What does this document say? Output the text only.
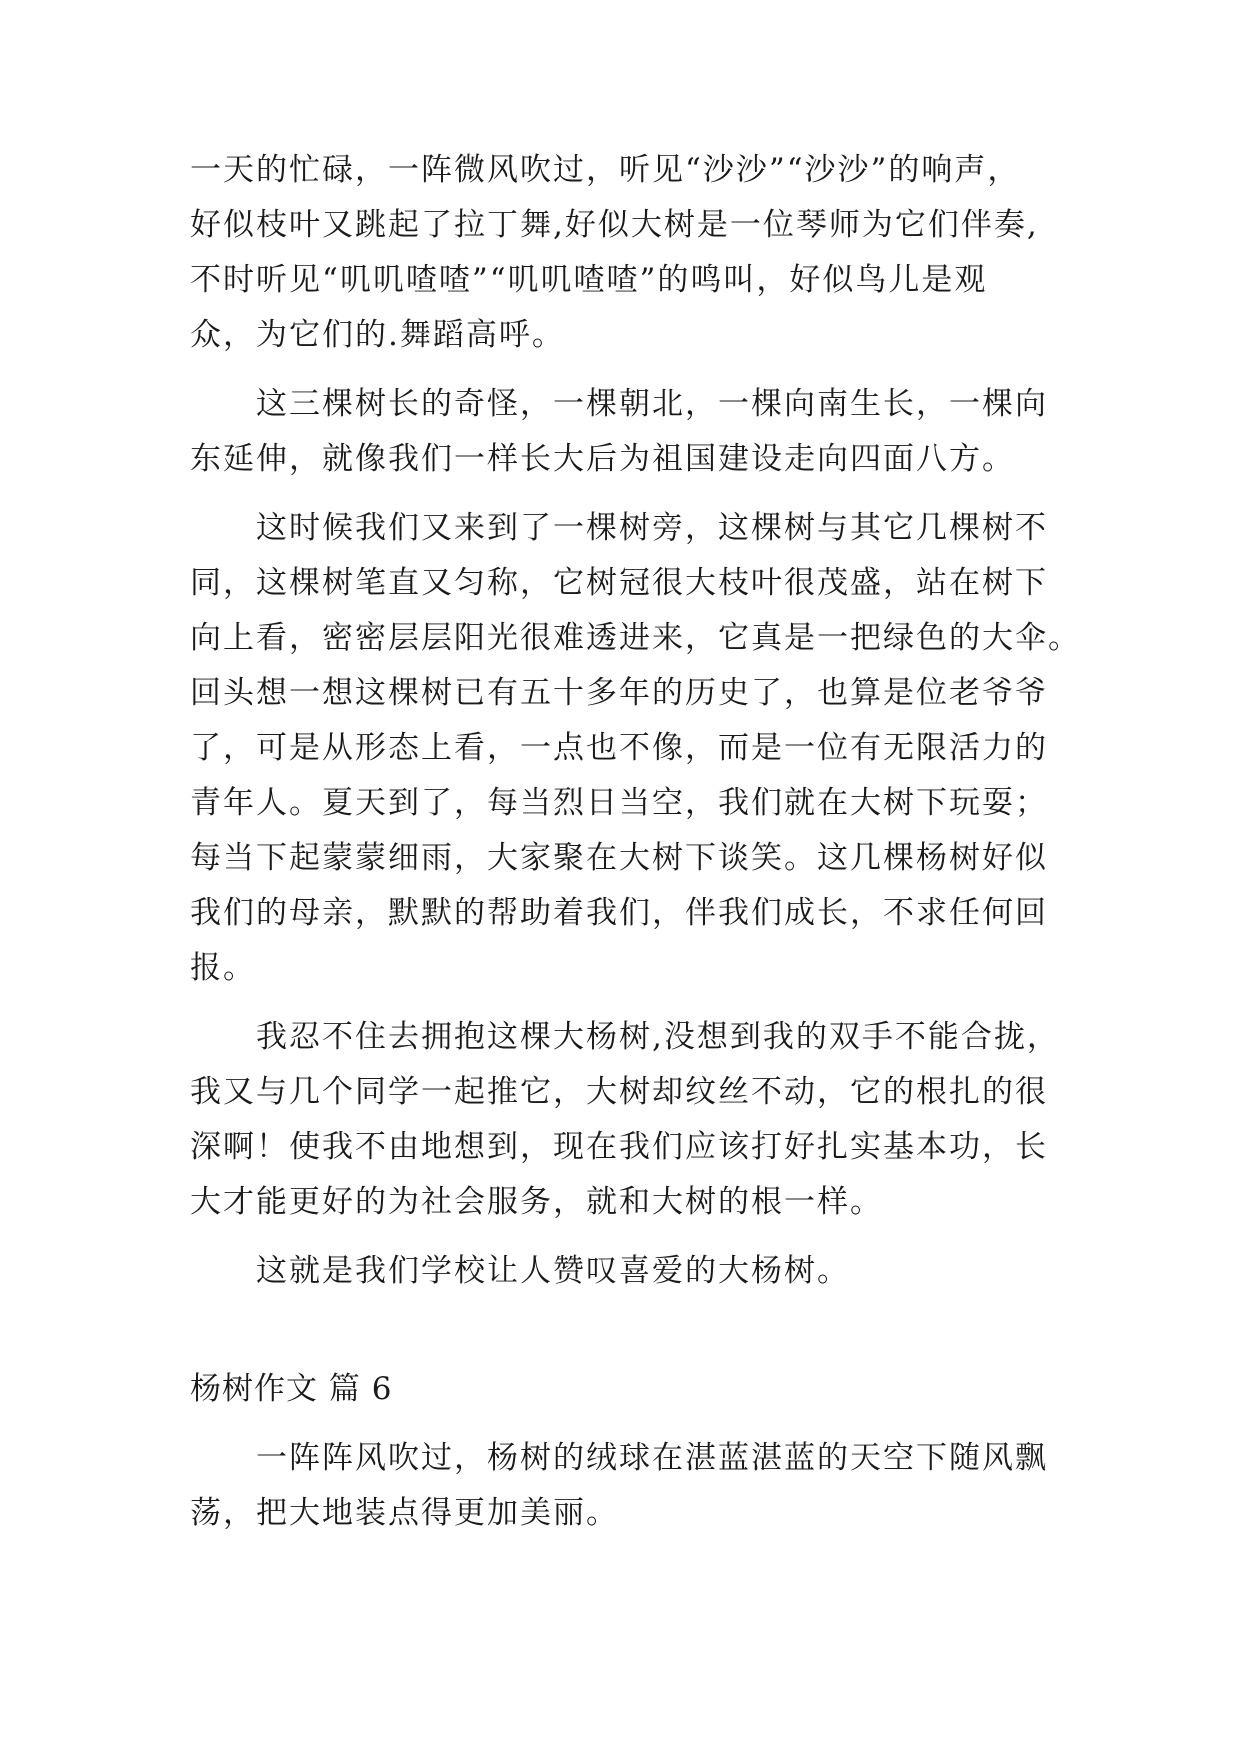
一天的忙碌，一阵微风吹过，听见“沙沙”“沙沙”的响声，
好似枝叶又跳起了拉丁舞,好似大树是一位琴师为它们伴奏,
不时听见“叽叽喳喳”“叽叽喳喳”的鸣叫，好似鸟儿是观
众，为它们的.舞蹈高呼。
这三棵树长的奇怪，一棵朝北，一棵向南生长，一棵向
东延伸，就像我们一样长大后为祖国建设走向四面八方。
这时候我们又来到了一棵树旁，这棵树与其它几棵树不
同，这棵树笔直又匀称，它树冠很大枝叶很茂盛，站在树下
向上看，密密层层阳光很难透进来，它真是一把绿色的大伞。
回头想一想这棵树已有五十多年的历史了，也算是位老爷爷
了，可是从形态上看，一点也不像，而是一位有无限活力的
青年人。夏天到了，每当烈日当空，我们就在大树下玩耍；
每当下起蒙蒙细雨，大家聚在大树下谈笑。这几棵杨树好似
我们的母亲，默默的帮助着我们，伴我们成长，不求任何回
报。
我忍不住去拥抱这棵大杨树,没想到我的双手不能合拢，
我又与几个同学一起推它，大树却纹丝不动，它的根扎的很
深啊！使我不由地想到，现在我们应该打好扎实基本功，长
大才能更好的为社会服务，就和大树的根一样。
这就是我们学校让人赞叹喜爱的大杨树。
杨树作文 篇 6
一阵阵风吹过，杨树的绒球在湛蓝湛蓝的天空下随风飘
荡，把大地装点得更加美丽。
